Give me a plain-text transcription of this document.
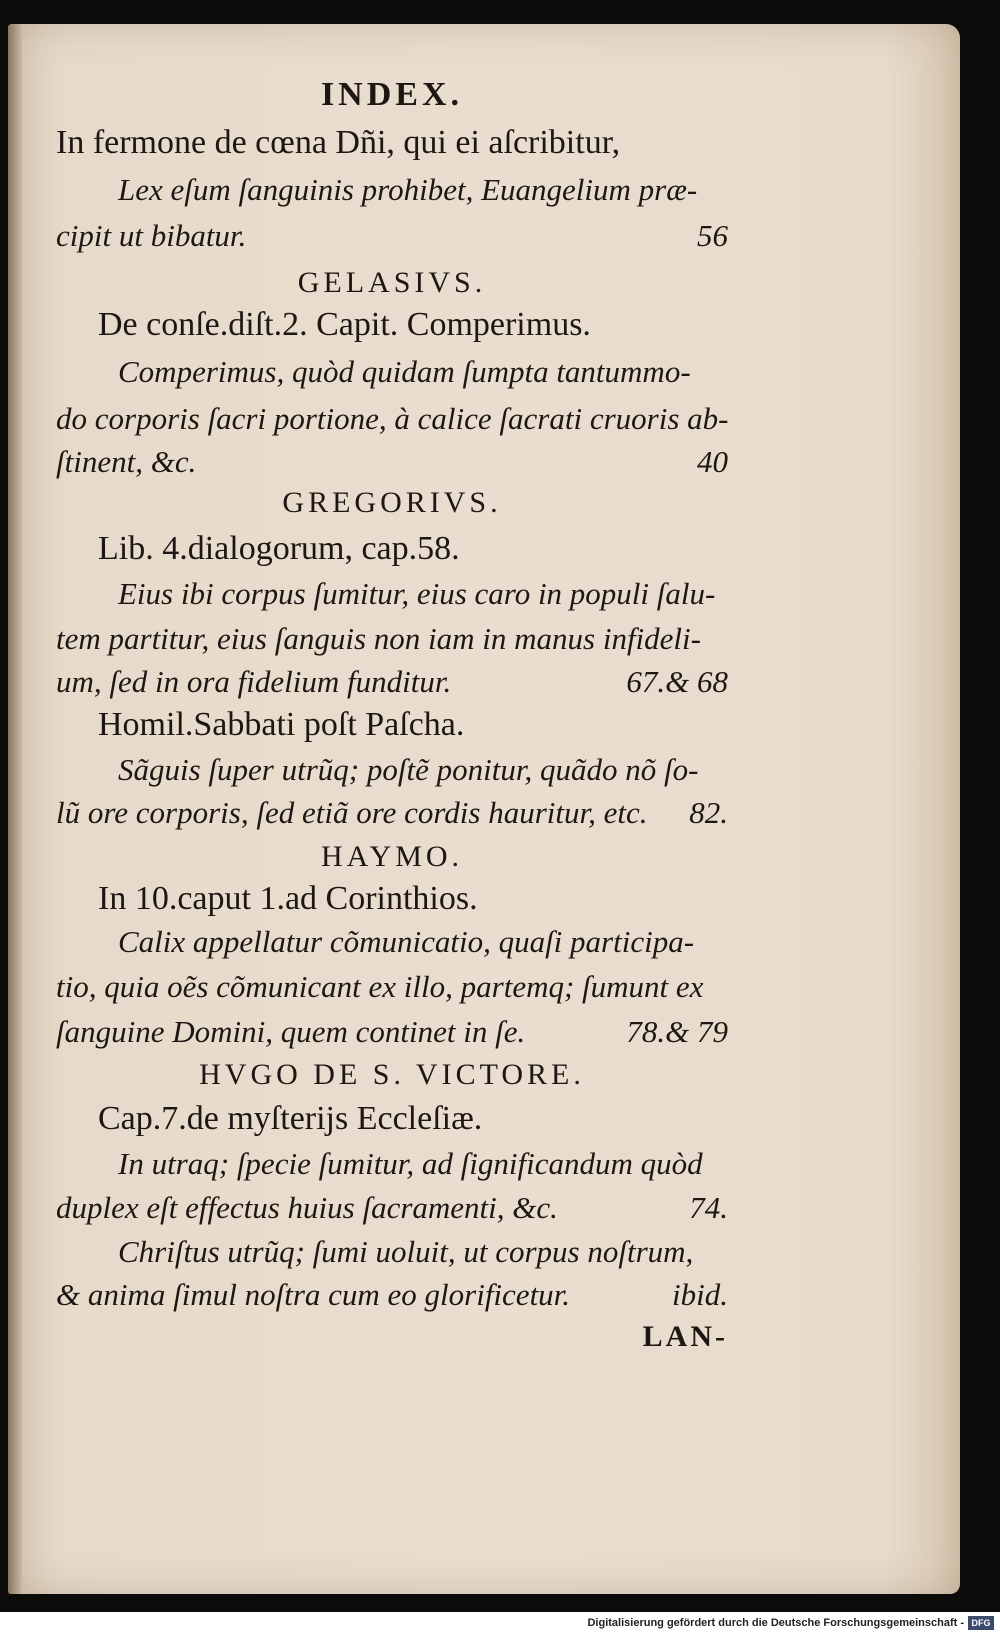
INDEX.
In fermone de cœna Dñi, qui ei aſcribitur,
Lex eſum ſanguinis prohibet, Euangelium præ-
cipit ut bibatur.	56
GELASIVS.
De conſe.diſt.2. Capit. Comperimus.
Comperimus, quòd quidam ſumpta tantummo-
do corporis ſacri portione, à calice ſacrati cruoris ab-
ſtinent, &c.	40
GREGORIVS.
Lib. 4.dialogorum, cap.58.
Eius ibi corpus ſumitur, eius caro in populi ſalu-
tem partitur, eius ſanguis non iam in manus infideli-
um, ſed in ora fidelium funditur.	67.& 68
Homil.Sabbati poſt Paſcha.
Sãguis ſuper utrũq; poſtẽ ponitur, quãdo nõ ſo-
lũ ore corporis, ſed etiã ore cordis hauritur, etc. 82.
HAYMO.
In 10.caput 1.ad Corinthios.
Calix appellatur cõmunicatio, quaſi participa-
tio, quia oẽs cõmunicant ex illo, partemq; ſumunt ex
ſanguine Domini, quem continet in ſe.	78.& 79
HVGO DE S. VICTORE.
Cap.7.de myſterijs Eccleſiæ.
In utraq; ſpecie ſumitur, ad ſignificandum quòd
duplex eſt effectus huius ſacramenti, &c.	74.
Chriſtus utrũq; ſumi uoluit, ut corpus noſtrum,
& anima ſimul noſtra cum eo glorificetur.	ibid.
LAN-
Digitalisierung gefördert durch die Deutsche Forschungsgemeinschaft - DFG
